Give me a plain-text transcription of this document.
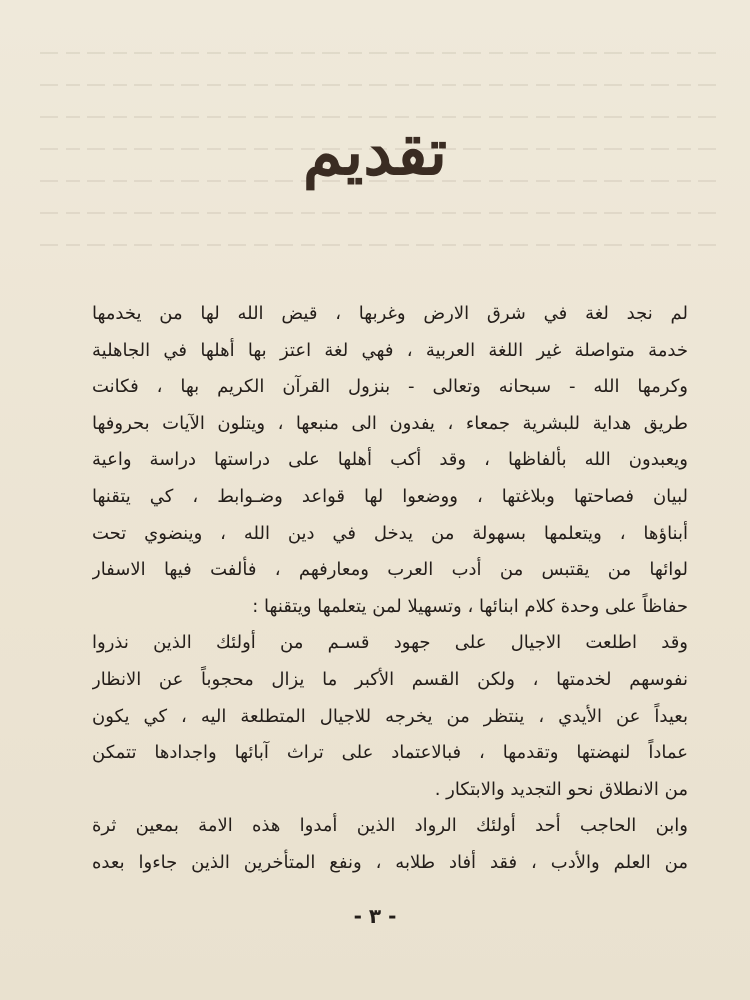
تقديم
لم نجد لغة في شرق الارض وغربها ، قيض الله لها من يخدمها
خدمة متواصلة غير اللغة العربية ، فهي لغة اعتز بها أهلها في الجاهلية
وكرمها الله - سبحانه وتعالى - بنزول القرآن الكريم بها ، فكانت
طريق هداية للبشرية جمعاء ، يفدون الى منبعها ، ويتلون الآيات بحروفها
ويعبدون الله بألفاظها ، وقد أكب أهلها على دراستها دراسة واعية
لبيان فصاحتها وبلاغتها ، ووضعوا لها قواعد وضـوابط ، كي يتقنها
أبناؤها ، ويتعلمها بسهولة من يدخل في دين الله ، وينضوي تحت
لوائها من يقتبس من أدب العرب ومعارفهم ، فألفت فيها الاسفار
حفاظاً على وحدة كلام ابنائها ، وتسهيلا لمن يتعلمها ويتقنها :
وقد اطلعت الاجيال على جهود قسـم من أولئك الذين نذروا
نفوسهم لخدمتها ، ولكن القسم الأكبر ما يزال محجوباً عن الانظار
بعيداً عن الأيدي ، ينتظر من يخرجه للاجيال المتطلعة اليه ، كي يكون
عماداً لنهضتها وتقدمها ، فبالاعتماد على تراث آبائها واجدادها تتمكن
من الانطلاق نحو التجديد والابتكار .
وابن الحاجب أحد أولئك الرواد الذين أمدوا هذه الامة بمعين ثرة
من العلم والأدب ، فقد أفاد طلابه ، ونفع المتأخرين الذين جاءوا بعده
- ٣ -
